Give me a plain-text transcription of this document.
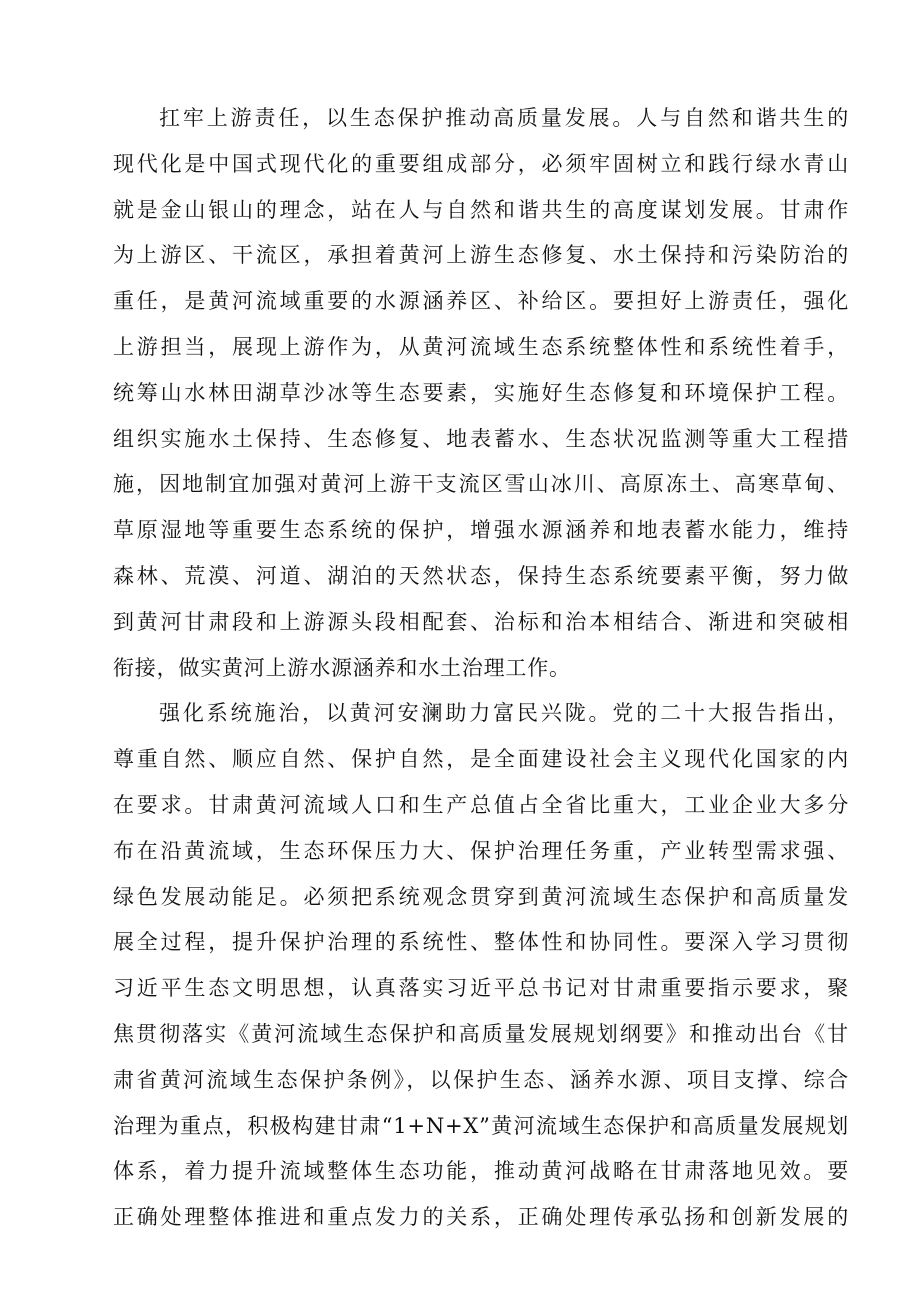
扛牢上游责任，以生态保护推动高质量发展。人与自然和谐共生的
现代化是中国式现代化的重要组成部分，必须牢固树立和践行绿水青山
就是金山银山的理念，站在人与自然和谐共生的高度谋划发展。甘肃作
为上游区、干流区，承担着黄河上游生态修复、水土保持和污染防治的
重任，是黄河流域重要的水源涵养区、补给区。要担好上游责任，强化
上游担当，展现上游作为，从黄河流域生态系统整体性和系统性着手，
统筹山水林田湖草沙冰等生态要素，实施好生态修复和环境保护工程。
组织实施水土保持、生态修复、地表蓄水、生态状况监测等重大工程措
施，因地制宜加强对黄河上游干支流区雪山冰川、高原冻土、高寒草甸、
草原湿地等重要生态系统的保护，增强水源涵养和地表蓄水能力，维持
森林、荒漠、河道、湖泊的天然状态，保持生态系统要素平衡，努力做
到黄河甘肃段和上游源头段相配套、治标和治本相结合、渐进和突破相
衔接，做实黄河上游水源涵养和水土治理工作。
强化系统施治，以黄河安澜助力富民兴陇。党的二十大报告指出，
尊重自然、顺应自然、保护自然，是全面建设社会主义现代化国家的内
在要求。甘肃黄河流域人口和生产总值占全省比重大，工业企业大多分
布在沿黄流域，生态环保压力大、保护治理任务重，产业转型需求强、
绿色发展动能足。必须把系统观念贯穿到黄河流域生态保护和高质量发
展全过程，提升保护治理的系统性、整体性和协同性。要深入学习贯彻
习近平生态文明思想，认真落实习近平总书记对甘肃重要指示要求，聚
焦贯彻落实《黄河流域生态保护和高质量发展规划纲要》和推动出台《甘
肃省黄河流域生态保护条例》，以保护生态、涵养水源、项目支撑、综合
治理为重点，积极构建甘肃“1+N+X”黄河流域生态保护和高质量发展规划
体系，着力提升流域整体生态功能，推动黄河战略在甘肃落地见效。要
正确处理整体推进和重点发力的关系，正确处理传承弘扬和创新发展的
